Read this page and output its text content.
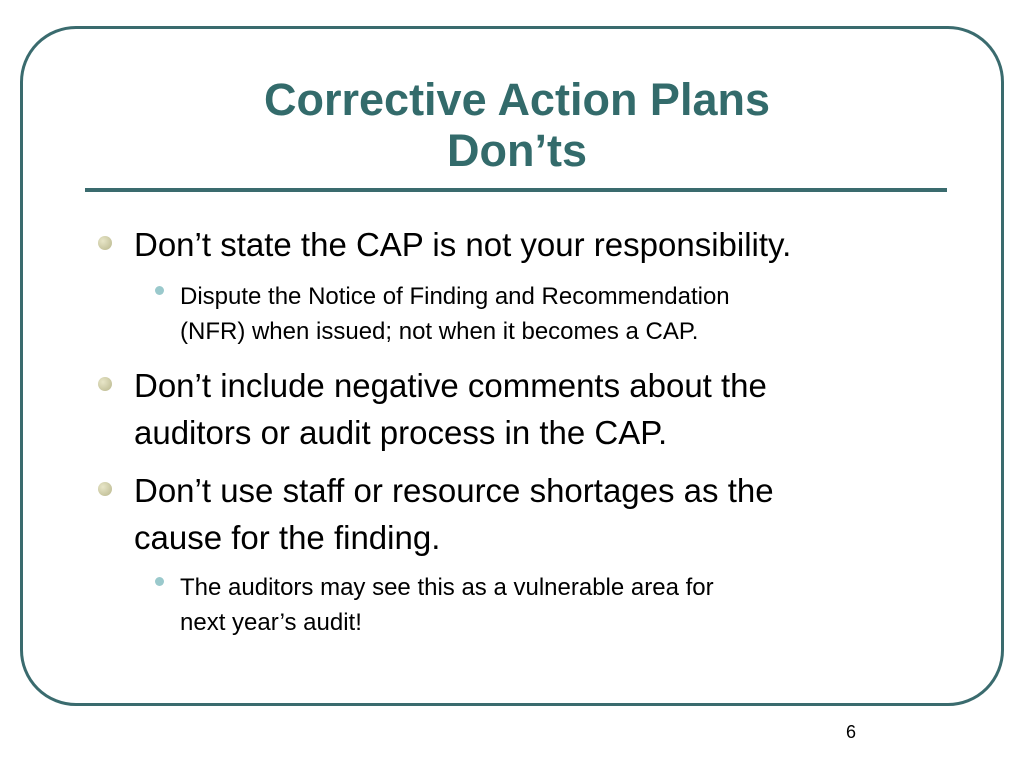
Corrective Action Plans
Don’ts
Don’t state the CAP is not your responsibility.
Dispute the Notice of Finding and Recommendation
(NFR) when issued; not when it becomes a CAP.
Don’t include negative comments about the
auditors or audit process in the CAP.
Don’t use staff or resource shortages as the
cause for the finding.
The auditors may see this as a vulnerable area for
next year’s audit!
6
